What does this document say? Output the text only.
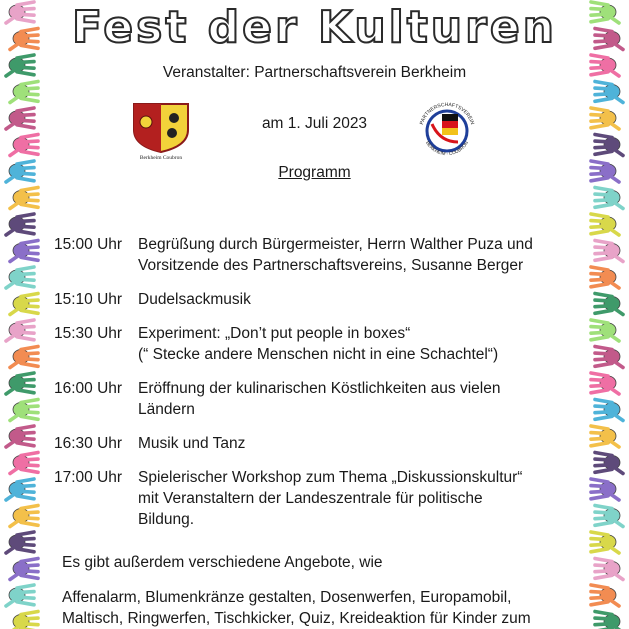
Fest der Kulturen
Veranstalter: Partnerschaftsverein Berkheim
Berkheim Coubron
PARTNERSCHAFTSVEREIN
BERKHEIM - COUBRON
am 1. Juli 2023
Programm
15:00 Uhr	Begrüßung durch Bürgermeister, Herrn Walther Puza und
Vorsitzende des Partnerschaftsvereins, Susanne Berger
15:10 Uhr	Dudelsackmusik
15:30 Uhr	Experiment: „Don’t put people in boxes“
(“ Stecke andere Menschen nicht in eine Schachtel“)
16:00 Uhr	Eröffnung der kulinarischen Köstlichkeiten aus vielen
Ländern
16:30 Uhr	Musik und Tanz
17:00 Uhr	Spielerischer Workshop zum Thema „Diskussionskultur“
mit Veranstaltern der Landeszentrale für politische
Bildung.
Es gibt außerdem verschiedene Angebote, wie
Affenalarm, Blumenkränze gestalten, Dosenwerfen, Europamobil,
Maltisch, Ringwerfen, Tischkicker, Quiz, Kreideaktion für Kinder zum
